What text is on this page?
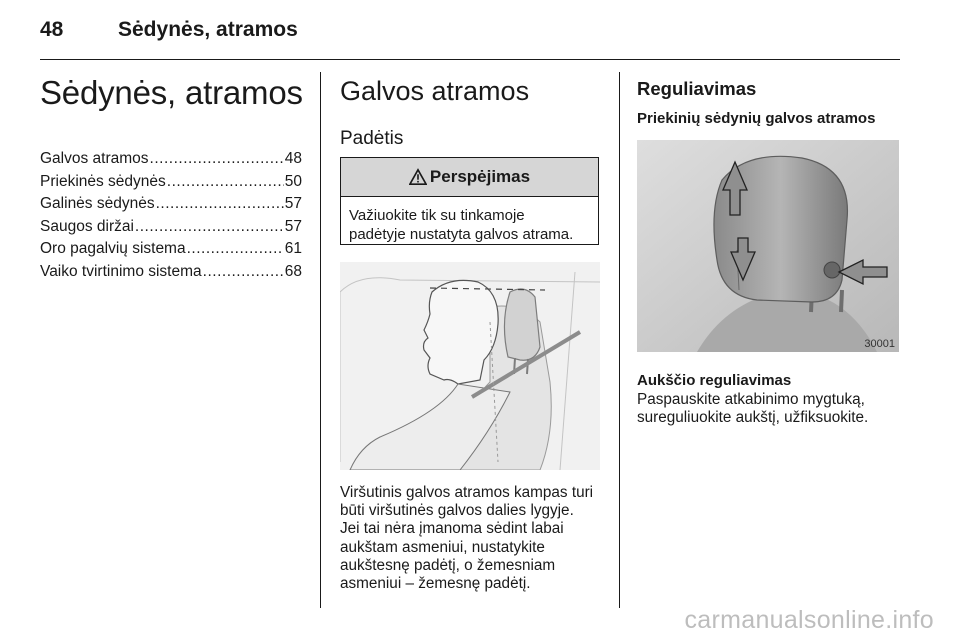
48	Sėdynės, atramos
Sėdynės, atramos
Galvos atramos .....	48
Priekinės sėdynės .....	50
Galinės sėdynės .....	57
Saugos diržai .....	57
Oro pagalvių sistema .....	61
Vaiko tvirtinimo sistema .....	68
Galvos atramos
Padėtis
Perspėjimas
Važiuokite tik su tinkamoje
padėtyje nustatyta galvos atrama.
Viršutinis galvos atramos kampas turi
būti viršutinės galvos dalies lygyje.
Jei tai nėra įmanoma sėdint labai
aukštam asmeniui, nustatykite
aukštesnę padėtį, o žemesniam
asmeniui – žemesnę padėtį.
Reguliavimas
Priekinių sėdynių galvos atramos
30001
Aukščio reguliavimas
Paspauskite atkabinimo mygtuką,
sureguliuokite aukštį, užfiksuokite.
carmanualsonline.info
